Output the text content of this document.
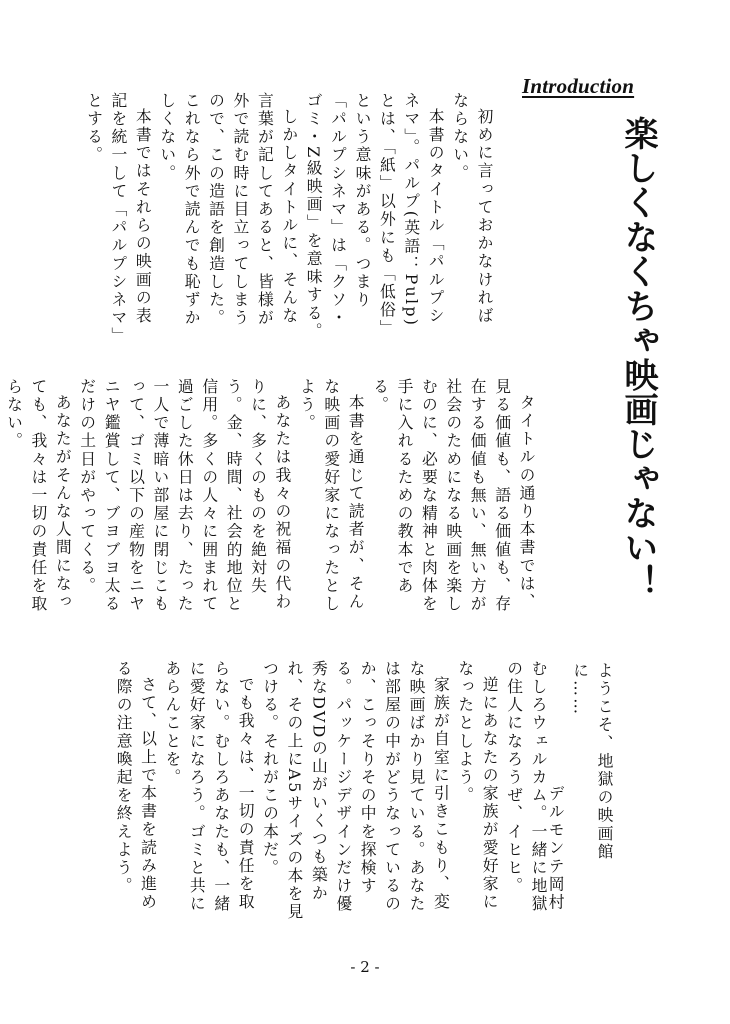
Introduction
楽しくなくちゃ映画じゃない！

初めに言っておかなければならない。

本書のタイトル「パルプシネマ」。パルプ(英語：Pulp)とは、「紙」以外にも「低俗」という意味がある。つまり「パルプシネマ」は「クソ・ゴミ・Z級映画」を意味する。

しかしタイトルに、そんな言葉が記してあると、皆様が外で読む時に目立ってしまうので、この造語を創造した。これなら外で読んでも恥ずかしくない。

本書ではそれらの映画の表記を統一して「パルプシネマ」とする。

タイトルの通り本書では、見る価値も、語る価値も、存在する価値も無い、無い方が社会のためになる映画を楽しむのに、必要な精神と肉体を手に入れるための教本である。

本書を通じて読者が、そんな映画の愛好家になったとしよう。

あなたは我々の祝福の代わりに、多くのものを絶対失う。金、時間、社会的地位と信用。多くの人々に囲まれて過ごした休日は去り、たった一人で薄暗い部屋に閉じこもって、ゴミ以下の産物をニヤニヤ鑑賞して、ブヨブヨ太るだけの土日がやってくる。

あなたがそんな人間になっても、我々は一切の責任を取らない。

ようこそ、地獄の映画館に……
デルモンテ岡村

むしろウェルカム。一緒に地獄の住人になろうぜ、イヒヒ。

逆にあなたの家族が愛好家になったとしよう。

家族が自室に引きこもり、変な映画ばかり見ている。あなたは部屋の中がどうなっているのか、こっそりその中を探検する。パッケージデザインだけ優秀なDVDの山がいくつも築かれ、その上にA5サイズの本を見つける。それがこの本だ。

でも我々は、一切の責任を取らない。むしろあなたも、一緒に愛好家になろう。ゴミと共にあらんことを。

さて、以上で本書を読み進める際の注意喚起を終えよう。

- 2 -
